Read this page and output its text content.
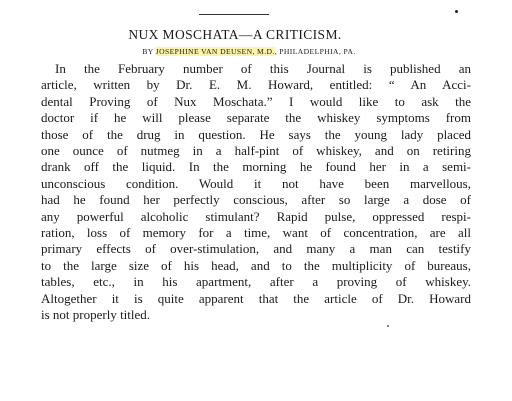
NUX MOSCHATA—A CRITICISM.
BY JOSEPHINE VAN DEUSEN, M.D., PHILADELPHIA, PA.
In the February number of this Journal is published an
article, written by Dr. E. M. Howard, entitled: “ An Acci-
dental Proving of Nux Moschata.” I would like to ask the
doctor if he will please separate the whiskey symptoms from
those of the drug in question. He says the young lady placed
one ounce of nutmeg in a half-pint of whiskey, and on retiring
drank off the liquid. In the morning he found her in a semi-
unconscious condition. Would it not have been marvellous,
had he found her perfectly conscious, after so large a dose of
any powerful alcoholic stimulant? Rapid pulse, oppressed respi-
ration, loss of memory for a time, want of concentration, are all
primary effects of over-stimulation, and many a man can testify
to the large size of his head, and to the multiplicity of bureaus,
tables, etc., in his apartment, after a proving of whiskey.
Altogether it is quite apparent that the article of Dr. Howard
is not properly titled.
